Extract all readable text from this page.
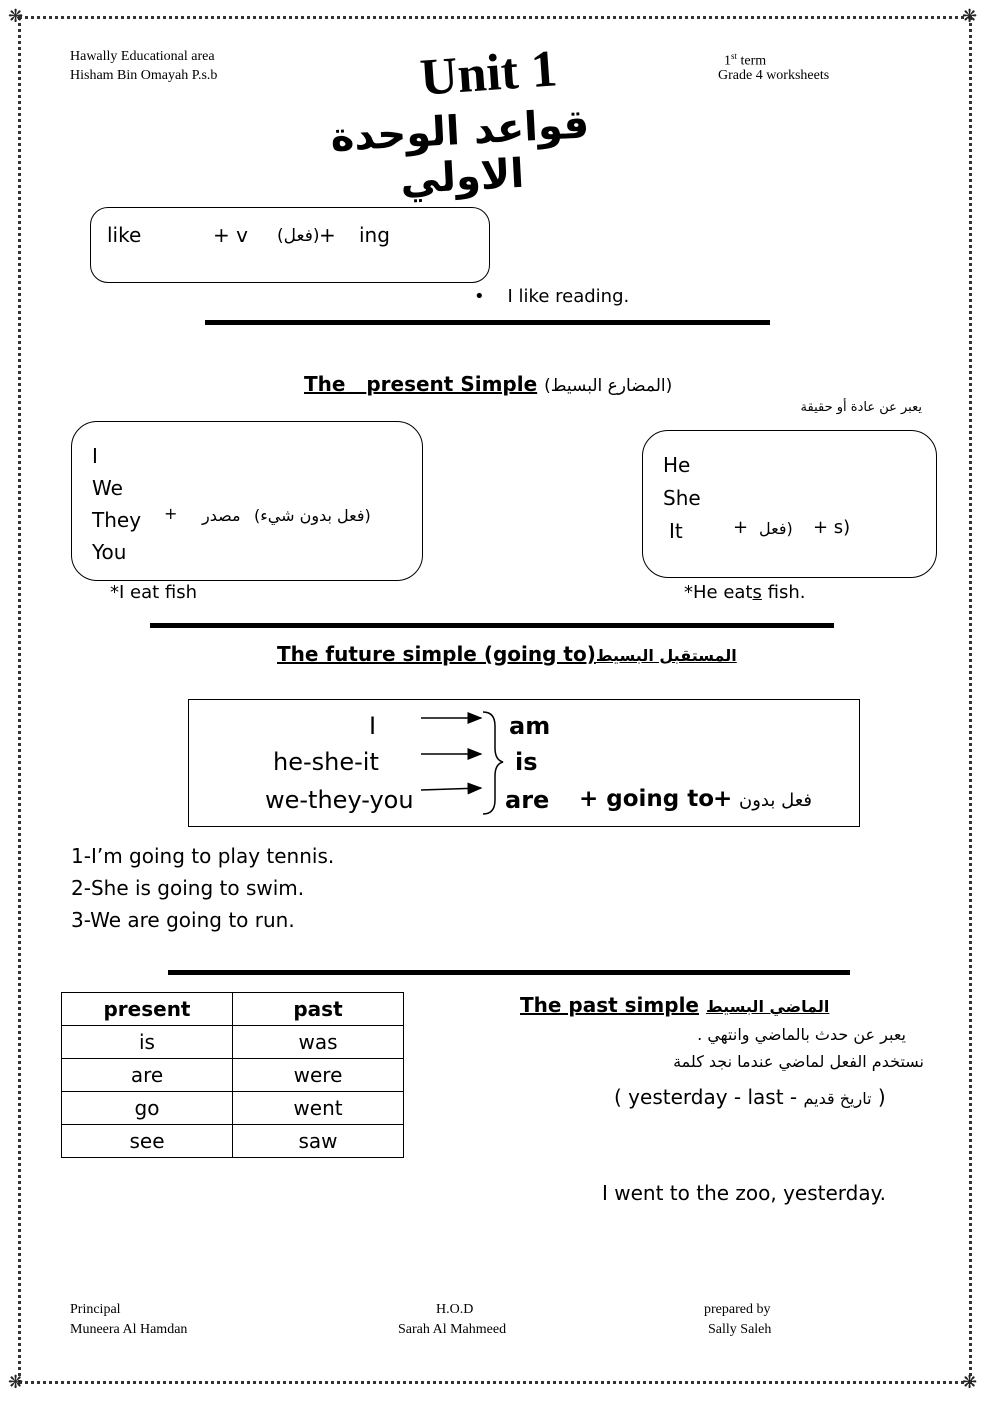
❋	❋
❋	❋
Hawally Educational area
Hisham Bin Omayah P.s.b
1st term
Grade 4 worksheets
Unit 1
قواعد الوحدة الاولي
like	+ v (فعل) + ing
•    I like reading.
The present Simple (المضارع البسيط)
يعبر عن عادة أو حقيقة
I
We
They
You
+ مصدر (فعل بدون شيء)
*I eat fish
He
She
It	+ (فعل + s)
*He eats fish.
The future simple (going to)المستقبل البسيط
I
he-she-it
we-they-you
am
is
are + going to
+ فعل بدون
1-I’m going to play tennis.
2-She is going to swim.
3-We are going to run.
present	past
is	was
are	were
go	went
see	saw
The past simple الماضي البسيط
يعبر عن حدث بالماضي وانتهي .
نستخدم الفعل لماضي عندما نجد كلمة
( yesterday - last - تاريخ قديم )
I went to the zoo, yesterday.
Principal
Muneera Al Hamdan
H.O.D
Sarah Al Mahmeed
prepared by
Sally Saleh
